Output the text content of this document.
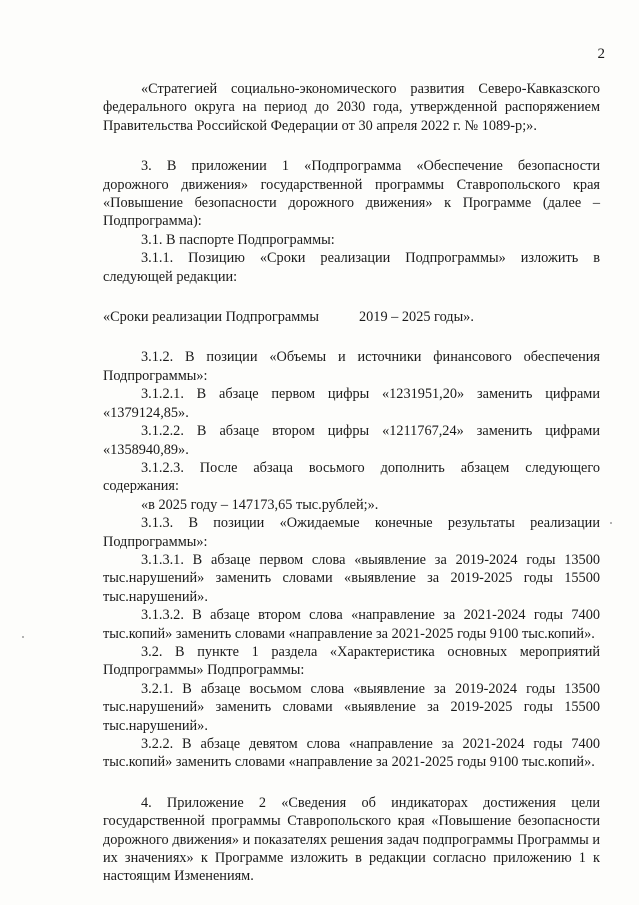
2

«Стратегией социально-экономического развития Северо-Кавказского федерального округа на период до 2030 года, утвержденной распоряжением Правительства Российской Федерации от 30 апреля 2022 г. № 1089-р;».

3. В приложении 1 «Подпрограмма «Обеспечение безопасности дорожного движения» государственной программы Ставропольского края «Повышение безопасности дорожного движения» к Программе (далее – Подпрограмма):

3.1. В паспорте Подпрограммы:

3.1.1. Позицию «Сроки реализации Подпрограммы» изложить в следующей редакции:

«Сроки реализации Подпрограммы	2019 – 2025 годы».

3.1.2. В позиции «Объемы и источники финансового обеспечения Подпрограммы»:

3.1.2.1. В абзаце первом цифры «1231951,20» заменить цифрами «1379124,85».

3.1.2.2. В абзаце втором цифры «1211767,24» заменить цифрами «1358940,89».

3.1.2.3. После абзаца восьмого дополнить абзацем следующего содержания:

«в 2025 году – 147173,65 тыс.рублей;».

3.1.3. В позиции «Ожидаемые конечные результаты реализации Подпрограммы»:

3.1.3.1. В абзаце первом слова «выявление за 2019-2024 годы 13500 тыс.нарушений» заменить словами «выявление за 2019-2025 годы 15500 тыс.нарушений».

3.1.3.2. В абзаце втором слова «направление за 2021-2024 годы 7400 тыс.копий» заменить словами «направление за 2021-2025 годы 9100 тыс.копий».

3.2. В пункте 1 раздела «Характеристика основных мероприятий Подпрограммы» Подпрограммы:

3.2.1. В абзаце восьмом слова «выявление за 2019-2024 годы 13500 тыс.нарушений» заменить словами «выявление за 2019-2025 годы 15500 тыс.нарушений».

3.2.2. В абзаце девятом слова «направление за 2021-2024 годы 7400 тыс.копий» заменить словами «направление за 2021-2025 годы 9100 тыс.копий».

4. Приложение 2 «Сведения об индикаторах достижения цели государственной программы Ставропольского края «Повышение безопасности дорожного движения» и показателях решения задач подпрограммы Программы и их значениях» к Программе изложить в редакции согласно приложению 1 к настоящим Изменениям.
